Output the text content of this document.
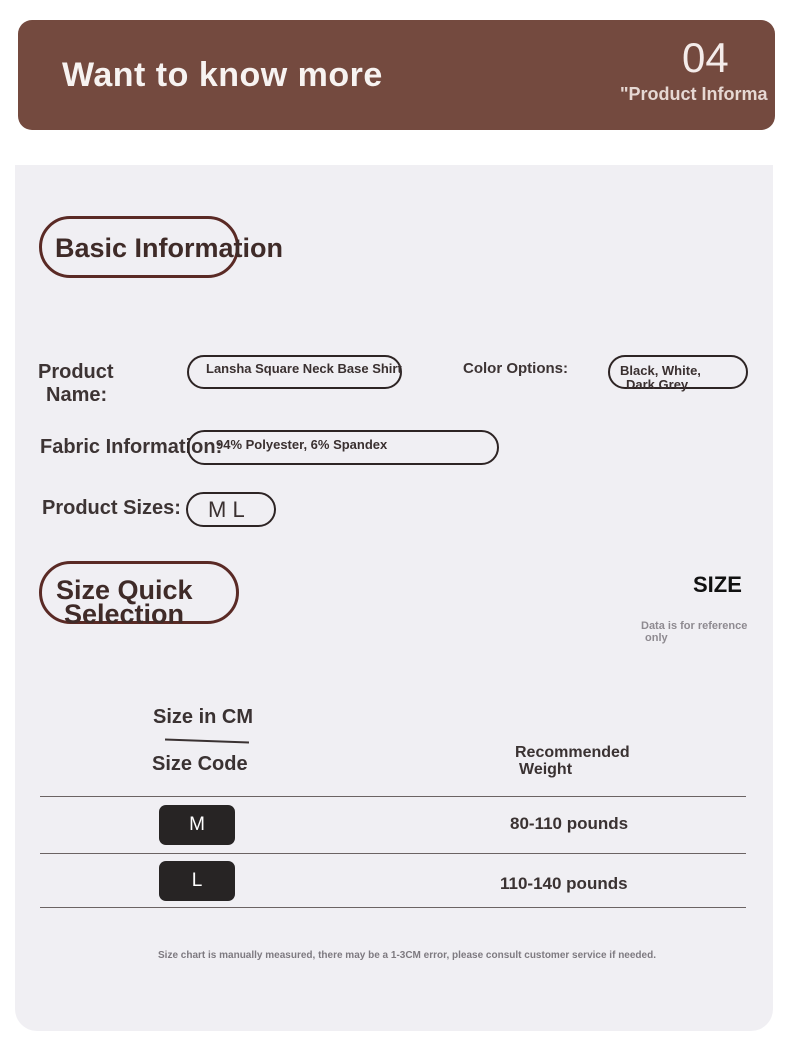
Want to know more	04
"Product Informa
Basic Information
Product
Name:
Lansha Square Neck Base Shirt	Color Options:	Black, White,
Dark Grey
Fabric Information:
94% Polyester, 6% Spandex
Product Sizes: M L
Size Quick
Selection
SIZE
Data is for reference
only
Size in CM
Size Code
Recommended
Weight
M	80-110 pounds
L	110-140 pounds
Size chart is manually measured, there may be a 1-3CM error, please consult customer service if needed.
